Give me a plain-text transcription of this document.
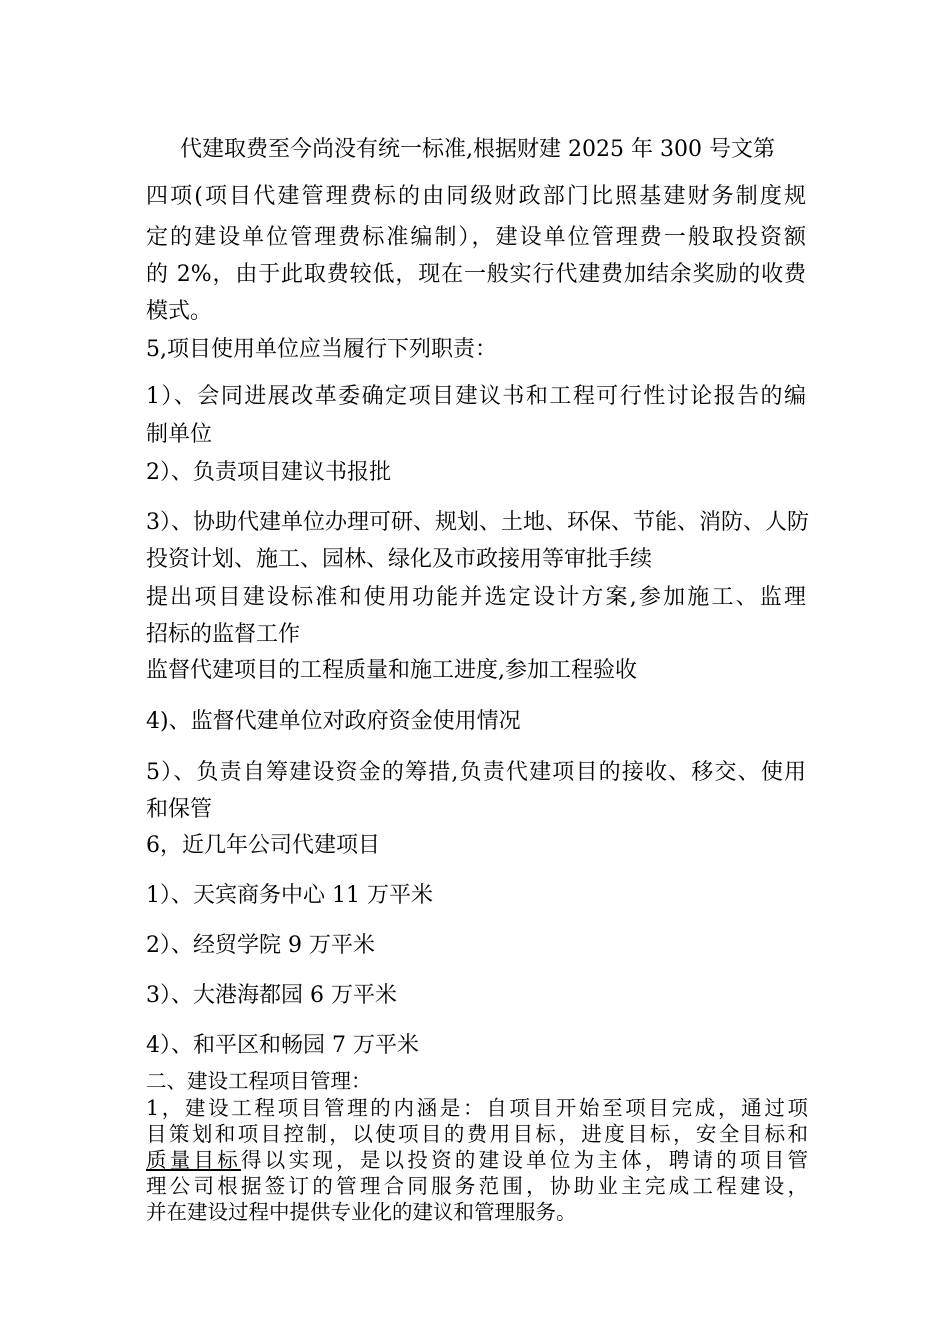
代建取费至今尚没有统一标准,根据财建 2025 年 300 号文第
四项(项目代建管理费标的由同级财政部门比照基建财务制度规
定的建设单位管理费标准编制），建设单位管理费一般取投资额
的 2%，由于此取费较低，现在一般实行代建费加结余奖励的收费
模式。
5,项目使用单位应当履行下列职责：
1）、会同进展改革委确定项目建议书和工程可行性讨论报告的编
制单位
2）、负责项目建议书报批
3）、协助代建单位办理可研、规划、土地、环保、节能、消防、人防
投资计划、施工、园林、绿化及市政接用等审批手续
提出项目建设标准和使用功能并选定设计方案,参加施工、监理
招标的监督工作
监督代建项目的工程质量和施工进度,参加工程验收
4)、监督代建单位对政府资金使用情况
5）、负责自筹建设资金的筹措,负责代建项目的接收、移交、使用
和保管
6，近几年公司代建项目
1）、天宾商务中心 11 万平米
2）、经贸学院 9 万平米
3）、大港海都园 6 万平米
4）、和平区和畅园 7 万平米
二、建设工程项目管理：
1，建设工程项目管理的内涵是：自项目开始至项目完成，通过项
目策划和项目控制，以使项目的费用目标，进度目标，安全目标和
质量目标得以实现，是以投资的建设单位为主体，聘请的项目管
理公司根据签订的管理合同服务范围，协助业主完成工程建设，
并在建设过程中提供专业化的建议和管理服务。
